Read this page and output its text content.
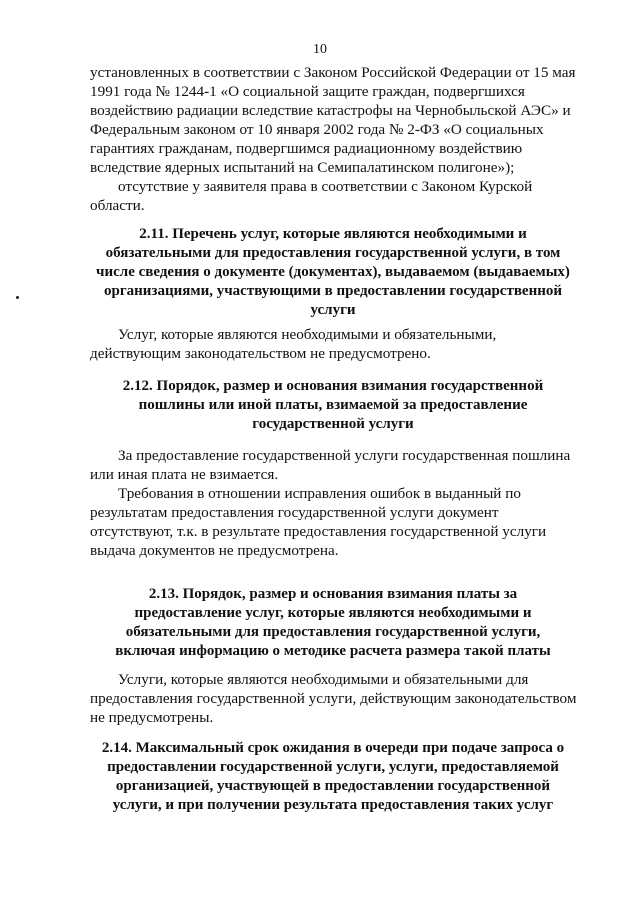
10

установленных в соответствии с Законом Российской Федерации от 15 мая

1991 года № 1244-1 «О социальной защите граждан, подвергшихся

воздействию радиации вследствие катастрофы на Чернобыльской АЭС» и

Федеральным законом от 10 января 2002 года № 2-ФЗ «О социальных

гарантиях гражданам, подвергшимся радиационному воздействию

вследствие ядерных испытаний на Семипалатинском полигоне»);

отсутствие у заявителя права в соответствии с Законом Курской

области.

2.11. Перечень услуг, которые являются необходимыми и

обязательными для предоставления государственной услуги, в том

числе сведения о документе (документах), выдаваемом (выдаваемых)

организациями, участвующими в предоставлении государственной

услуги

Услуг, которые являются необходимыми и обязательными,

действующим законодательством не предусмотрено.

2.12. Порядок, размер и основания взимания государственной

пошлины или иной платы, взимаемой за предоставление

государственной услуги

За предоставление государственной услуги государственная пошлина

или иная плата не взимается.

Требования в отношении исправления ошибок в выданный по

результатам предоставления государственной услуги документ

отсутствуют, т.к. в результате предоставления государственной услуги

выдача документов не предусмотрена.

2.13. Порядок, размер и основания взимания платы за

предоставление услуг, которые являются необходимыми и

обязательными для предоставления государственной услуги,

включая информацию о методике расчета размера такой платы

Услуги, которые являются необходимыми и обязательными для

предоставления государственной услуги, действующим законодательством

не предусмотрены.

2.14. Максимальный срок ожидания в очереди при подаче запроса о

предоставлении государственной услуги, услуги, предоставляемой

организацией, участвующей в предоставлении государственной

услуги, и при получении результата предоставления таких услуг
